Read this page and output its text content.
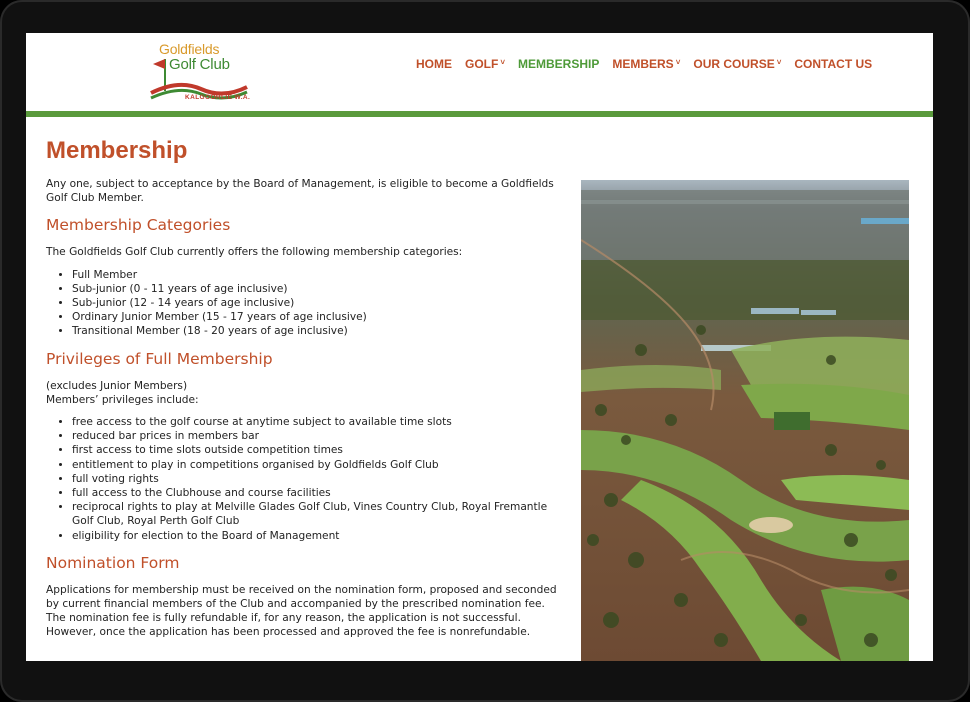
Goldfields
Golf Club
KALGOORLIE W.A.
HOME GOLF ˅ MEMBERSHIP MEMBERS ˅ OUR COURSE ˅ CONTACT US
Membership

Any one, subject to acceptance by the Board of Management, is eligible to become a Goldfields Golf Club Member.

Membership Categories

The Goldfields Golf Club currently offers the following membership categories:

• Full Member
• Sub-junior (0 - 11 years of age inclusive)
• Sub-junior (12 - 14 years of age inclusive)
• Ordinary Junior Member (15 - 17 years of age inclusive)
• Transitional Member (18 - 20 years of age inclusive)
Privileges of Full Membership

(excludes Junior Members)

Members’ privileges include:

• free access to the golf course at anytime subject to available time slots
• reduced bar prices in members bar
• first access to time slots outside competition times
• entitlement to play in competitions organised by Goldfields Golf Club
• full voting rights
• full access to the Clubhouse and course facilities
• reciprocal rights to play at Melville Glades Golf Club, Vines Country Club, Royal Fremantle Golf Club, Royal Perth Golf Club
• eligibility for election to the Board of Management
Nomination Form

Applications for membership must be received on the nomination form, proposed and seconded by current financial members of the Club and accompanied by the prescribed nomination fee.

The nomination fee is fully refundable if, for any reason, the application is not successful. However, once the application has been processed and approved the fee is nonrefundable.
